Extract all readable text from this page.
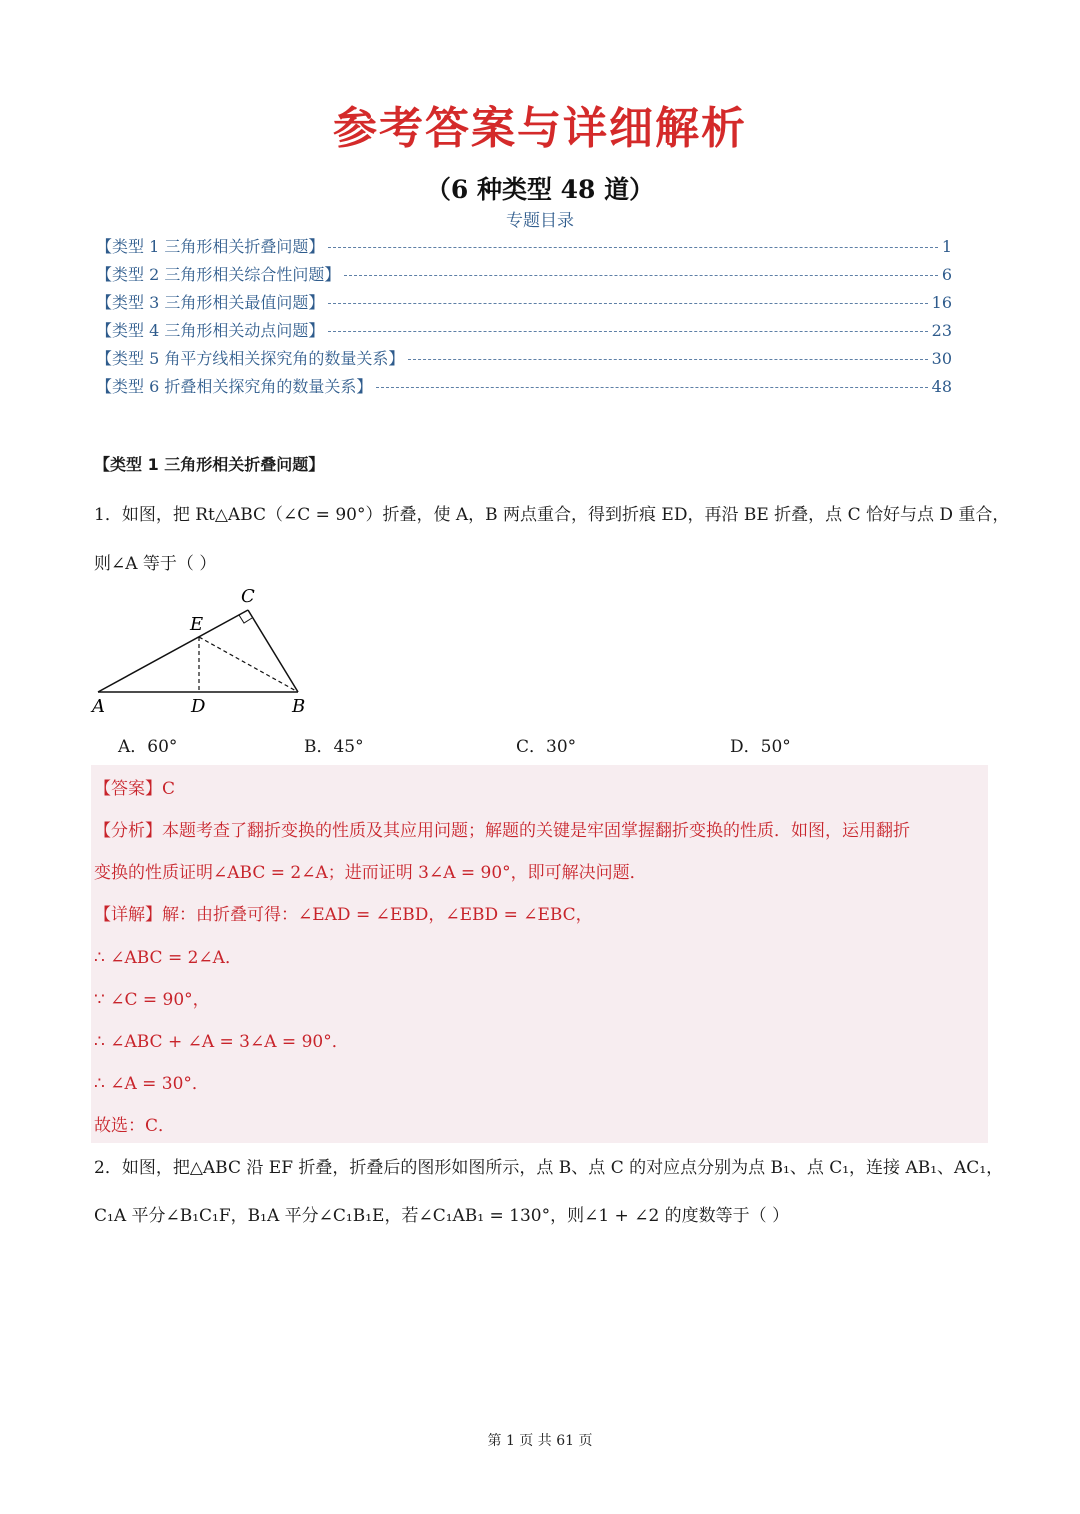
参考答案与详细解析
（6 种类型 48 道）
专题目录
【类型 1 三角形相关折叠问题】	1
【类型 2 三角形相关综合性问题】	6
【类型 3 三角形相关最值问题】	16
【类型 4 三角形相关动点问题】	23
【类型 5 角平方线相关探究角的数量关系】	30
【类型 6 折叠相关探究角的数量关系】	48
【类型 1 三角形相关折叠问题】
1．如图，把 Rt△ABC（∠C = 90°）折叠，使 A，B 两点重合，得到折痕 ED，再沿 BE 折叠，点 C 恰好与点 D 重合，
则∠A 等于（ ）
A	B
C
D
E
A．60°	B．45°	C．30°	D．50°
【答案】C
【分析】本题考查了翻折变换的性质及其应用问题；解题的关键是牢固掌握翻折变换的性质．如图，运用翻折
变换的性质证明∠ABC = 2∠A；进而证明 3∠A = 90°，即可解决问题．
【详解】解：由折叠可得：∠EAD = ∠EBD，∠EBD = ∠EBC，
∴ ∠ABC = 2∠A．
∵ ∠C = 90°，
∴ ∠ABC + ∠A = 3∠A = 90°．
∴ ∠A = 30°．
故选：C．
2．如图，把△ABC 沿 EF 折叠，折叠后的图形如图所示，点 B、点 C 的对应点分别为点 B₁、点 C₁，连接 AB₁、AC₁，
C₁A 平分∠B₁C₁F，B₁A 平分∠C₁B₁E，若∠C₁AB₁ = 130°，则∠1 + ∠2 的度数等于（ ）
第 1 页 共 61 页
